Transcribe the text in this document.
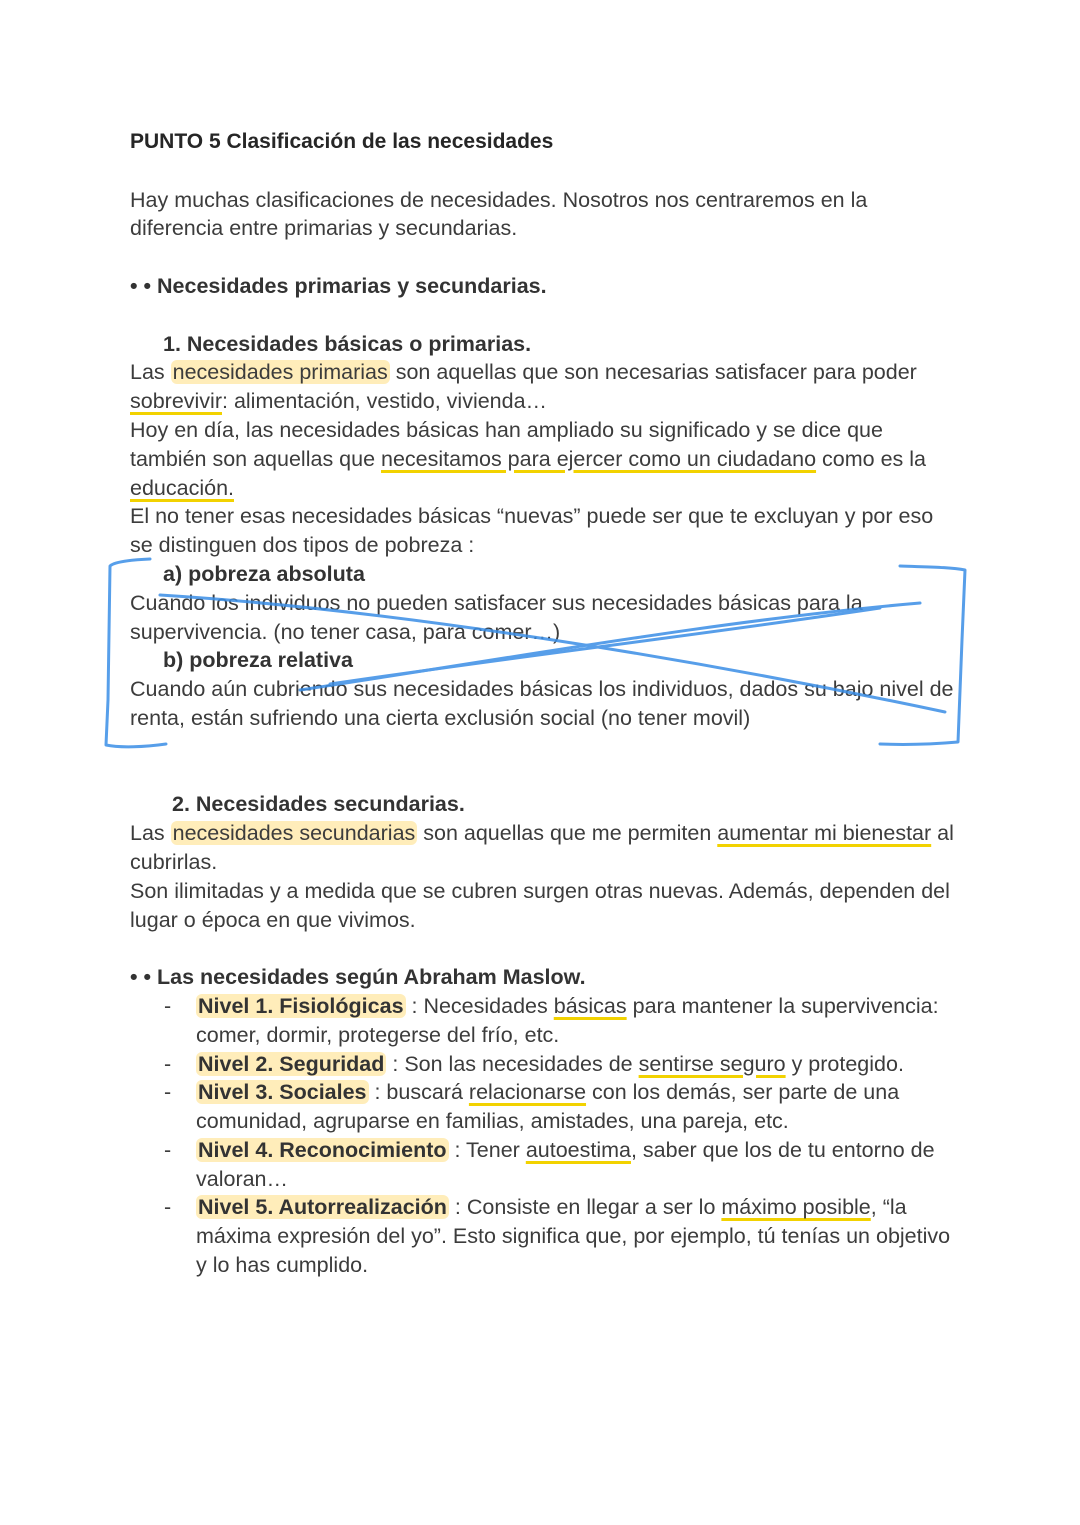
PUNTO 5 Clasificación de las necesidades

Hay muchas clasificaciones de necesidades. Nosotros nos centraremos en la diferencia entre primarias y secundarias.

• • Necesidades primarias y secundarias.

1. Necesidades básicas o primarias.

Las necesidades primarias son aquellas que son necesarias satisfacer para poder sobrevivir: alimentación, vestido, vivienda…

Hoy en día, las necesidades básicas han ampliado su significado y se dice que también son aquellas que necesitamos para ejercer como un ciudadano como es la educación.

El no tener esas necesidades básicas “nuevas” puede ser que te excluyan y por eso se distinguen dos tipos de pobreza :

a) pobreza absoluta

Cuando los individuos no pueden satisfacer sus necesidades básicas para la supervivencia. (no tener casa, para comer…)

b) pobreza relativa

Cuando aún cubriendo sus necesidades básicas los individuos, dados su bajo nivel de renta, están sufriendo una cierta exclusión social (no tener movil)

2. Necesidades secundarias.

Las necesidades secundarias son aquellas que me permiten aumentar mi bienestar al cubrirlas.

Son ilimitadas y a medida que se cubren surgen otras nuevas. Además, dependen del lugar o época en que vivimos.

• • Las necesidades según Abraham Maslow.

-	Nivel 1. Fisiológicas : Necesidades básicas para mantener la supervivencia: comer, dormir, protegerse del frío, etc.
-	Nivel 2. Seguridad : Son las necesidades de sentirse seguro y protegido.
-	Nivel 3. Sociales : buscará relacionarse con los demás, ser parte de una comunidad, agruparse en familias, amistades, una pareja, etc.
-	Nivel 4. Reconocimiento : Tener autoestima, saber que los de tu entorno de valoran…
-	Nivel 5. Autorrealización : Consiste en llegar a ser lo máximo posible, “la máxima expresión del yo”. Esto significa que, por ejemplo, tú tenías un objetivo y lo has cumplido.
